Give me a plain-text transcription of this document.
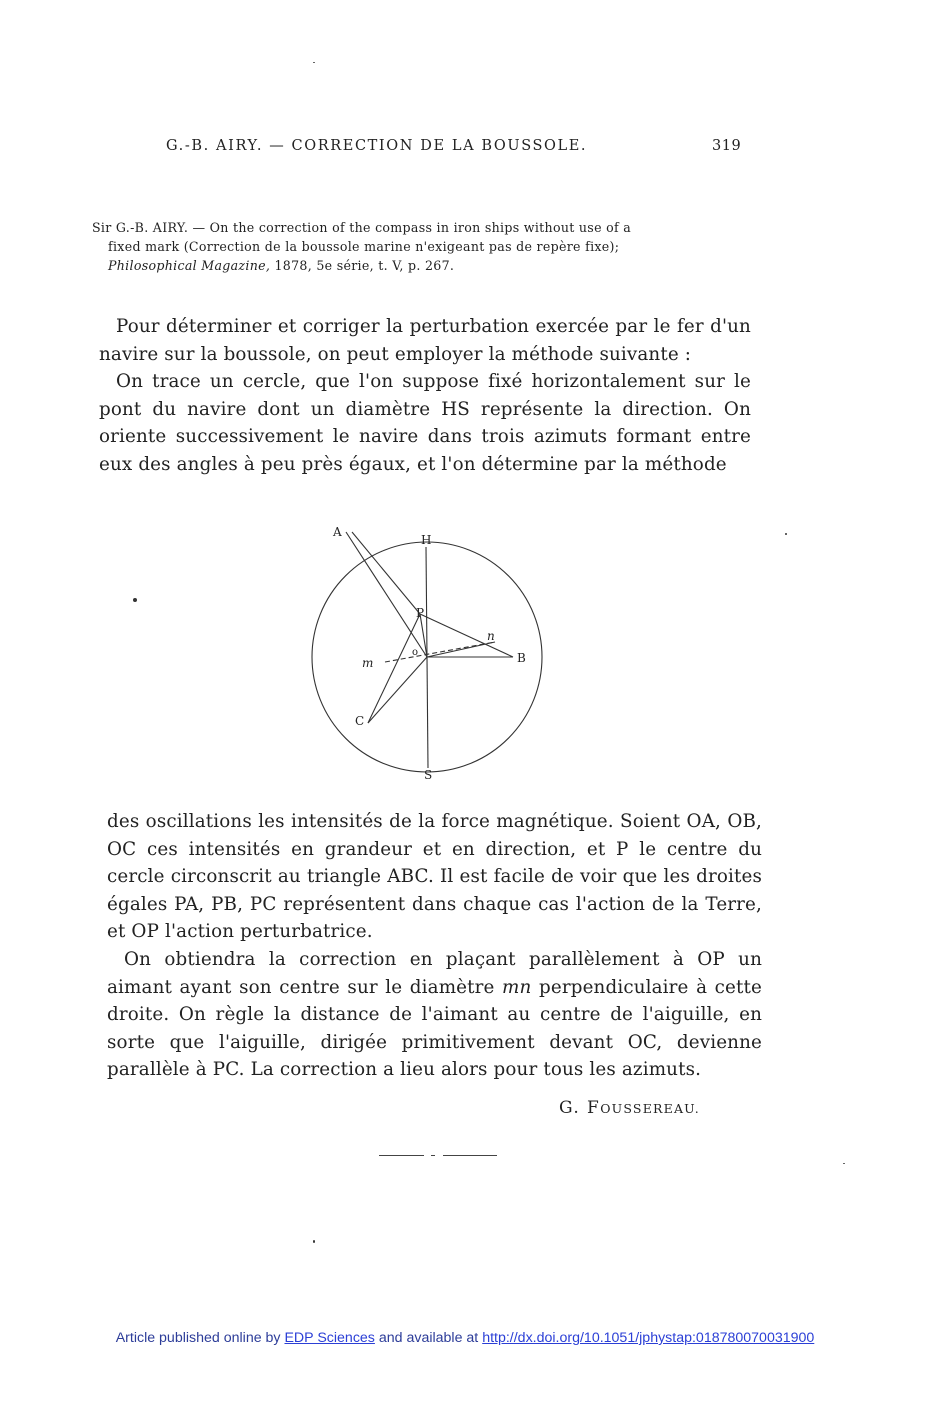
G.-B. AIRY. — CORRECTION DE LA BOUSSOLE.	319
Sir G.-B. AIRY. — On the correction of the compass in iron ships without use of a
fixed mark (Correction de la boussole marine n'exigeant pas de repère fixe);
Philosophical Magazine, 1878, 5e série, t. V, p. 267.

Pour déterminer et corriger la perturbation exercée par le fer d'un navire sur la boussole, on peut employer la méthode suivante :

On trace un cercle, que l'on suppose fixé horizontalement sur le pont du navire dont un diamètre HS représente la direction. On oriente successivement le navire dans trois azimuts formant entre eux des angles à peu près égaux, et l'on détermine par la méthode

A
H
P
n
o
m	B
C
S

des oscillations les intensités de la force magnétique. Soient OA, OB, OC ces intensités en grandeur et en direction, et P le centre du cercle circonscrit au triangle ABC. Il est facile de voir que les droites égales PA, PB, PC représentent dans chaque cas l'action de la Terre, et OP l'action perturbatrice.

On obtiendra la correction en plaçant parallèlement à OP un aimant ayant son centre sur le diamètre mn perpendiculaire à cette droite. On règle la distance de l'aimant au centre de l'aiguille, en sorte que l'aiguille, dirigée primitivement devant OC, devienne parallèle à PC. La correction a lieu alors pour tous les azimuts.

G. FOUSSEREAU.
Article published online by EDP Sciences and available at http://dx.doi.org/10.1051/jphystap:018780070031900
